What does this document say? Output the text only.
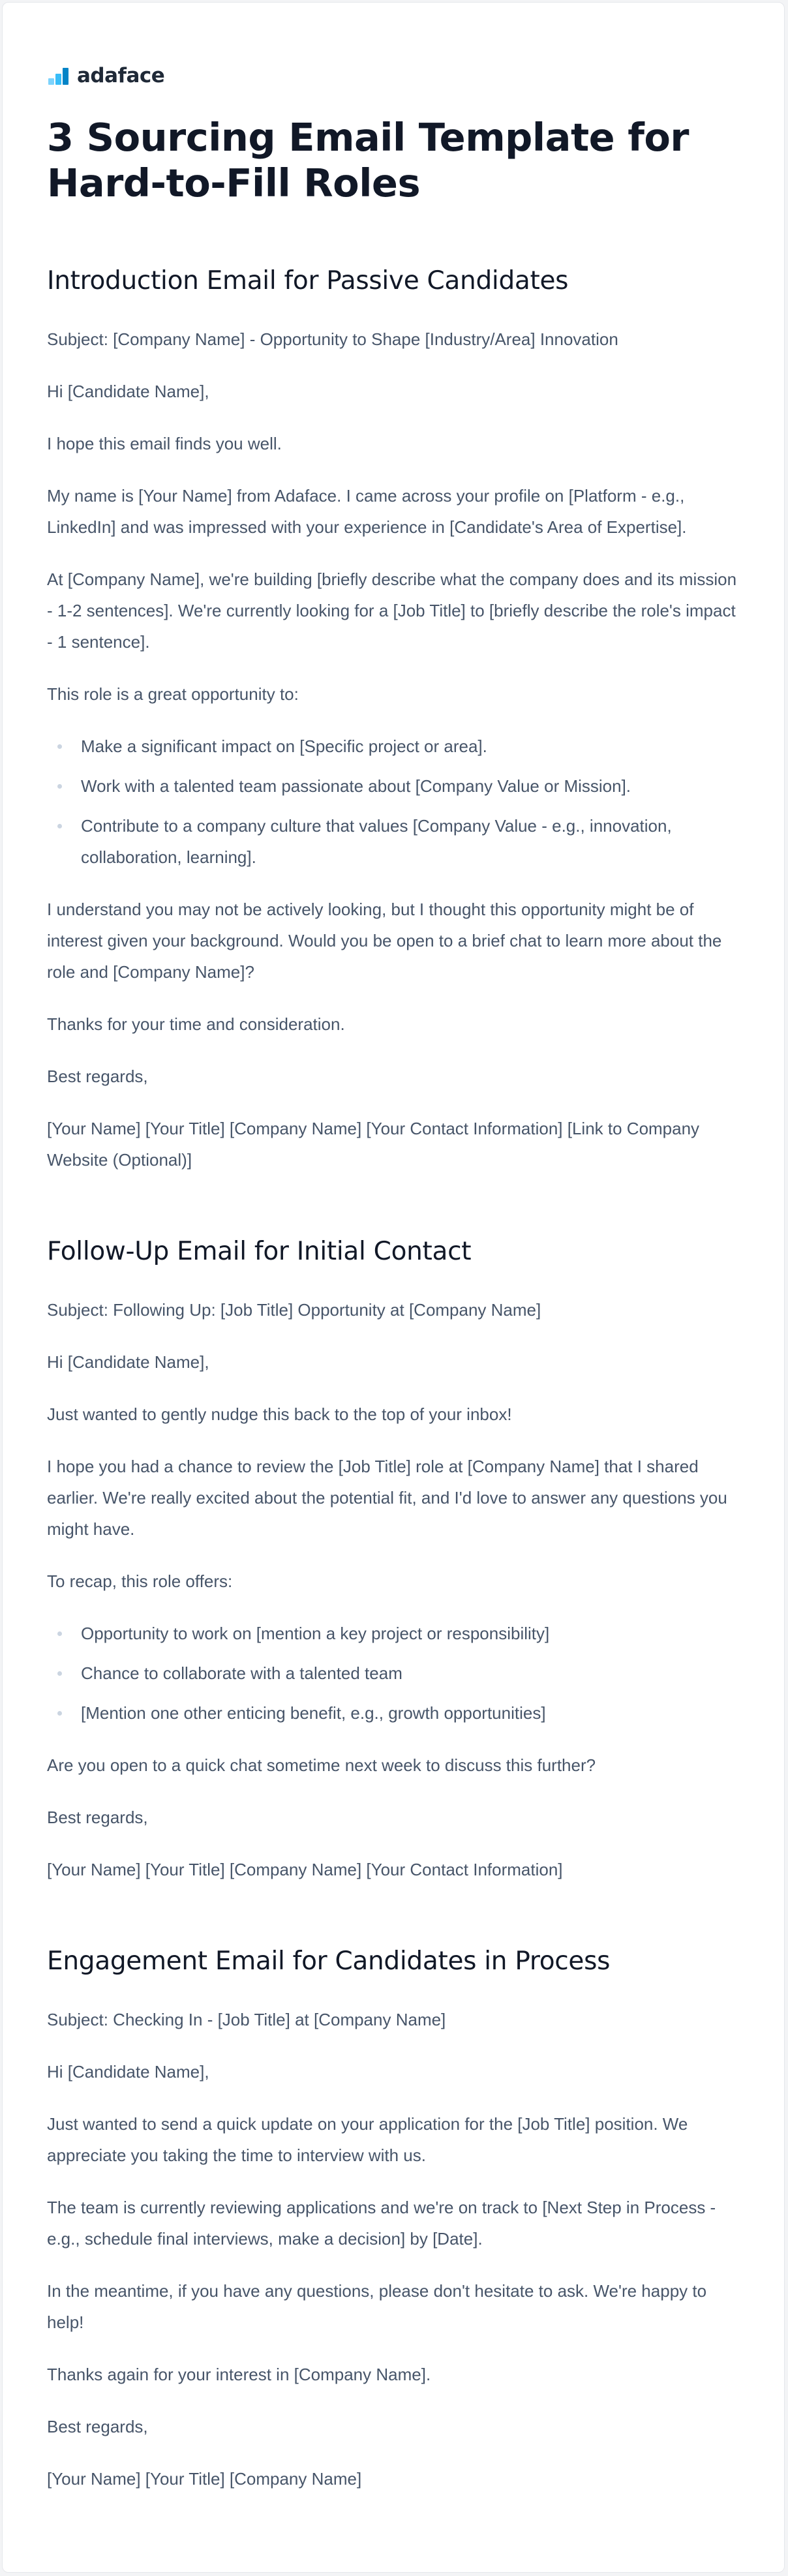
adaface
3 Sourcing Email Template for Hard-to-Fill Roles
Introduction Email for Passive Candidates

Subject: [Company Name] - Opportunity to Shape [Industry/Area] Innovation

Hi [Candidate Name],

I hope this email finds you well.

My name is [Your Name] from Adaface. I came across your profile on [Platform - e.g., LinkedIn] and was impressed with your experience in [Candidate's Area of Expertise].

At [Company Name], we're building [briefly describe what the company does and its mission - 1-2 sentences]. We're currently looking for a [Job Title] to [briefly describe the role's impact - 1 sentence].

This role is a great opportunity to:

Make a significant impact on [Specific project or area].
Work with a talented team passionate about [Company Value or Mission].
Contribute to a company culture that values [Company Value - e.g., innovation, collaboration, learning].

I understand you may not be actively looking, but I thought this opportunity might be of interest given your background. Would you be open to a brief chat to learn more about the role and [Company Name]?

Thanks for your time and consideration.

Best regards,

[Your Name] [Your Title] [Company Name] [Your Contact Information] [Link to Company Website (Optional)]

Follow-Up Email for Initial Contact

Subject: Following Up: [Job Title] Opportunity at [Company Name]

Hi [Candidate Name],

Just wanted to gently nudge this back to the top of your inbox!

I hope you had a chance to review the [Job Title] role at [Company Name] that I shared earlier. We're really excited about the potential fit, and I'd love to answer any questions you might have.

To recap, this role offers:

Opportunity to work on [mention a key project or responsibility]
Chance to collaborate with a talented team
[Mention one other enticing benefit, e.g., growth opportunities]

Are you open to a quick chat sometime next week to discuss this further?

Best regards,

[Your Name] [Your Title] [Company Name] [Your Contact Information]

Engagement Email for Candidates in Process

Subject: Checking In - [Job Title] at [Company Name]

Hi [Candidate Name],

Just wanted to send a quick update on your application for the [Job Title] position. We appreciate you taking the time to interview with us.

The team is currently reviewing applications and we're on track to [Next Step in Process - e.g., schedule final interviews, make a decision] by [Date].

In the meantime, if you have any questions, please don't hesitate to ask. We're happy to help!

Thanks again for your interest in [Company Name].

Best regards,

[Your Name] [Your Title] [Company Name]
